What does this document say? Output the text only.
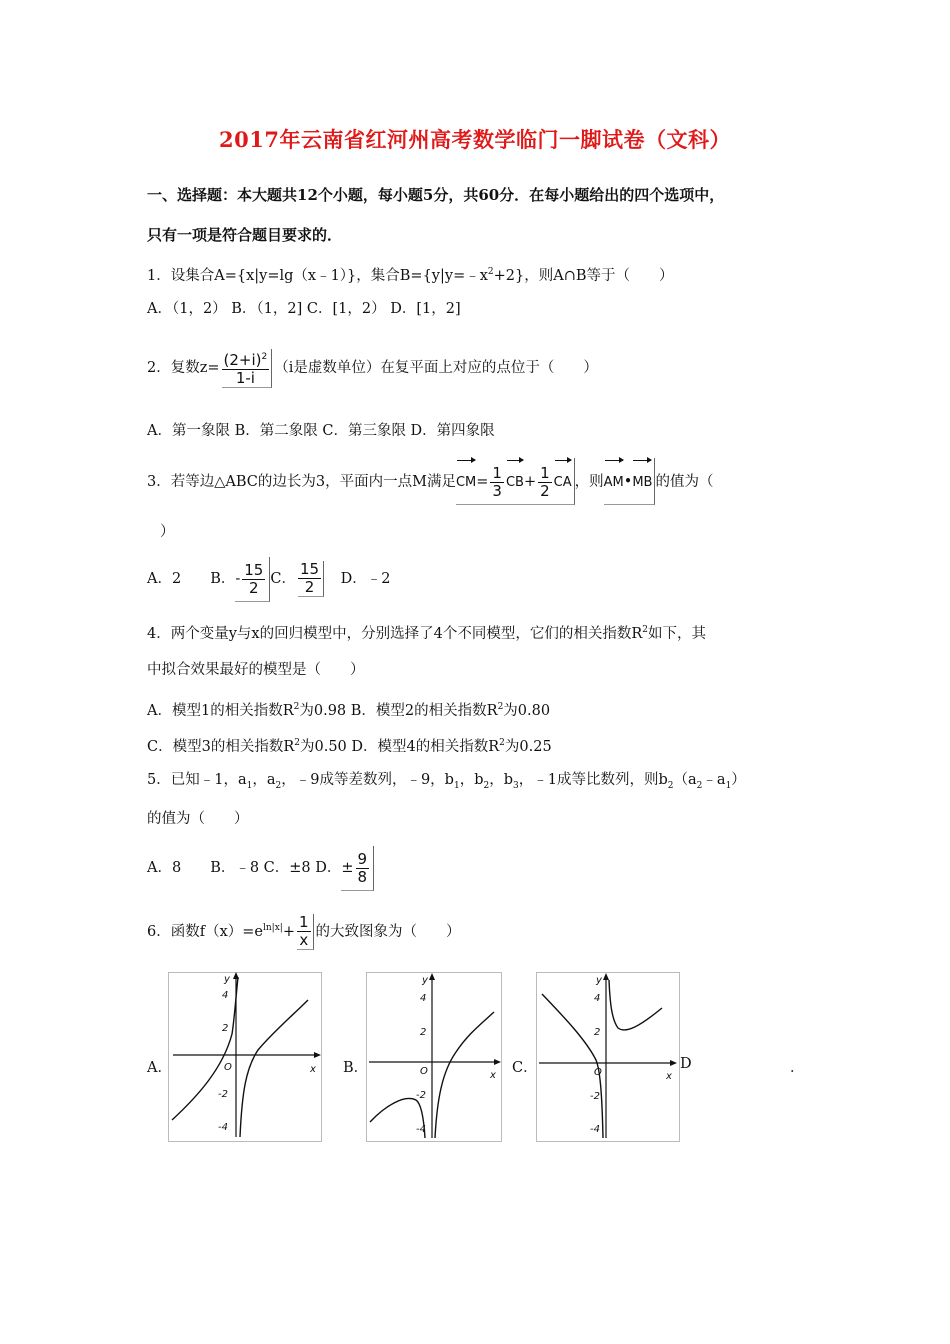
2017年云南省红河州高考数学临门一脚试卷（文科）
一、选择题：本大题共12个小题，每小题5分，共60分．在每小题给出的四个选项中，
只有一项是符合题目要求的．
1．设集合A={x|y=lg（x﹣1）}，集合$B=\{y|y=﹣x^2+2\}$，则A∩B等于（　　）
A．（1，2） B．（1，2] C．[1，2） D．[1，2]
2．复数$z= \frac{(2+i)^2}{1-i} (i$是虚数单位）在复平面上对应的点位于（　　）
A．第一象限 B．第二象限 C．第三象限 D．第四象限
3．若等边△ABC的边长为3，平面内一点M满足$CM= \frac{1}{3} CB+ \frac{1}{2}$ CA ，则AM•MB 的值为（
）
A．2　　B．- $\frac{15}{2}$ C． $\frac{15}{2}$
　 D．﹣2
4．两个变量y与x的回归模型中，分别选择了4个不同模型，它们的相关指数$R^2$如下，其
中拟合效果最好的模型是（　　）
A．模型1的相关指数$R^2$为0.98 B．模型2的相关指数$R^2$为0.80
C．模型3的相关指数$R^2$为0.50 D．模型4的相关指数$R^2$为0.25
5．已知﹣1，$a_1$，$a_2$，﹣9成等差数列，﹣9，$b_1$，$b_2$，$b_3$，﹣1成等比数列，则$b_2(a_2﹣a_1)$
的值为（　　）
A．8　　B．﹣8 C．±8 D．± $\frac{9}{8}$
6．函数$f(x)=e^{ln|x|}+ \frac{1}{x}$ 的大致图象为（　　）
A．	B．	C．	D	．
y
x
O
4
2
-2
-4
y
x
O
4
2
-2
-4
y
x
O
4
2
-2
-4
